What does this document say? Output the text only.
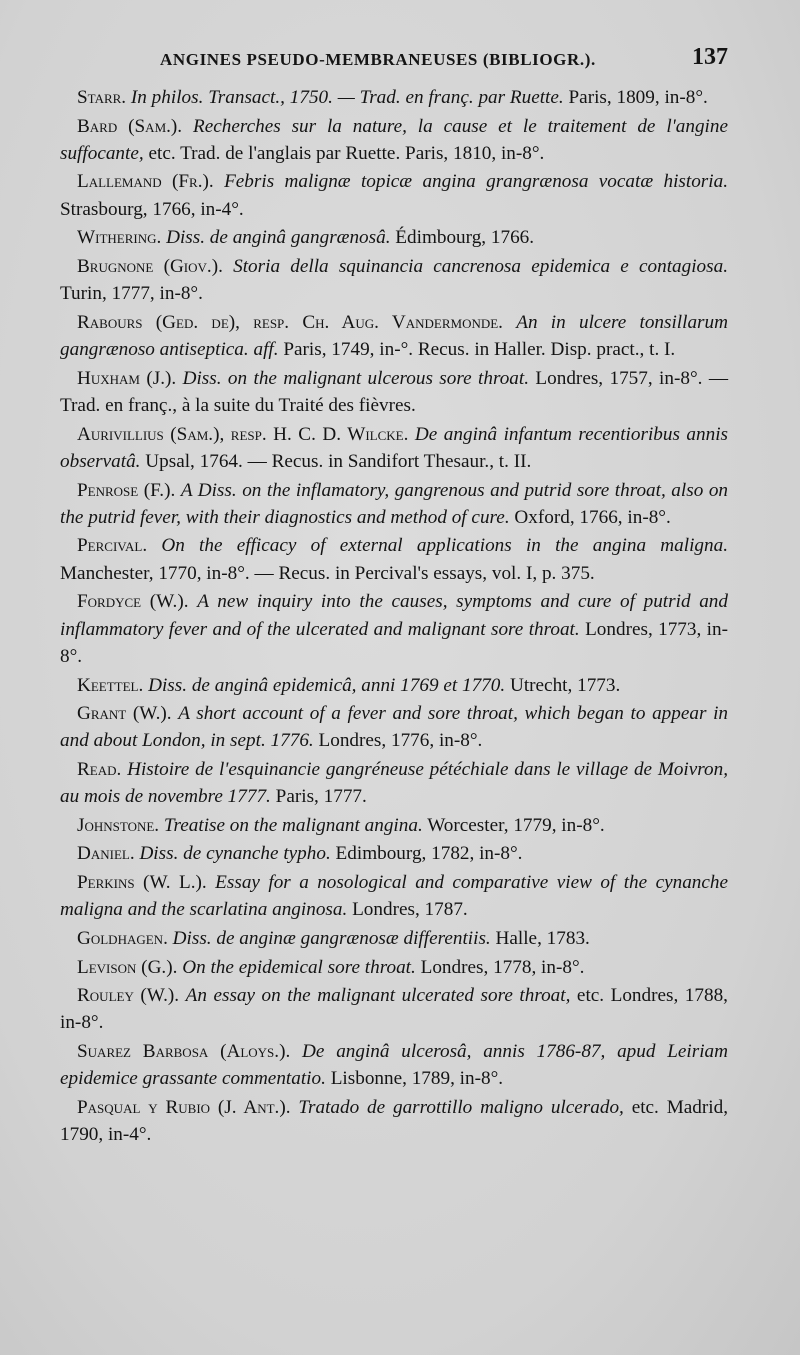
ANGINES PSEUDO-MEMBRANEUSES (BIBLIOGR.).	137

Starr. In philos. Transact., 1750. — Trad. en franç. par Ruette. Paris, 1809, in-8°.

Bard (Sam.). Recherches sur la nature, la cause et le traitement de l'angine suffocante, etc. Trad. de l'anglais par Ruette. Paris, 1810, in-8°.

Lallemand (Fr.). Febris malignæ topicæ angina grangrænosa vocatæ historia. Strasbourg, 1766, in-4°.

Withering. Diss. de anginâ gangrænosâ. Édimbourg, 1766.

Brugnone (Giov.). Storia della squinancia cancrenosa epidemica e contagiosa. Turin, 1777, in-8°.

Rabours (Ged. de), resp. Ch. Aug. Vandermonde. An in ulcere tonsillarum gangrænoso antiseptica. aff. Paris, 1749, in-°. Recus. in Haller. Disp. pract., t. I.

Huxham (J.). Diss. on the malignant ulcerous sore throat. Londres, 1757, in-8°. — Trad. en franç., à la suite du Traité des fièvres.

Aurivillius (Sam.), resp. H. C. D. Wilcke. De anginâ infantum recentioribus annis observatâ. Upsal, 1764. — Recus. in Sandifort Thesaur., t. II.

Penrose (F.). A Diss. on the inflamatory, gangrenous and putrid sore throat, also on the putrid fever, with their diagnostics and method of cure. Oxford, 1766, in-8°.

Percival. On the efficacy of external applications in the angina maligna. Manchester, 1770, in-8°. — Recus. in Percival's essays, vol. I, p. 375.

Fordyce (W.). A new inquiry into the causes, symptoms and cure of putrid and inflammatory fever and of the ulcerated and malignant sore throat. Londres, 1773, in-8°.

Keettel. Diss. de anginâ epidemicâ, anni 1769 et 1770. Utrecht, 1773.

Grant (W.). A short account of a fever and sore throat, which began to appear in and about London, in sept. 1776. Londres, 1776, in-8°.

Read. Histoire de l'esquinancie gangréneuse pétéchiale dans le village de Moivron, au mois de novembre 1777. Paris, 1777.

Johnstone. Treatise on the malignant angina. Worcester, 1779, in-8°.

Daniel. Diss. de cynanche typho. Edimbourg, 1782, in-8°.

Perkins (W. L.). Essay for a nosological and comparative view of the cynanche maligna and the scarlatina anginosa. Londres, 1787.

Goldhagen. Diss. de anginæ gangrænosæ differentiis. Halle, 1783.

Levison (G.). On the epidemical sore throat. Londres, 1778, in-8°.

Rouley (W.). An essay on the malignant ulcerated sore throat, etc. Londres, 1788, in-8°.

Suarez Barbosa (Aloys.). De anginâ ulcerosâ, annis 1786-87, apud Leiriam epidemice grassante commentatio. Lisbonne, 1789, in-8°.

Pasqual y Rubio (J. Ant.). Tratado de garrottillo maligno ulcerado, etc. Madrid, 1790, in-4°.
